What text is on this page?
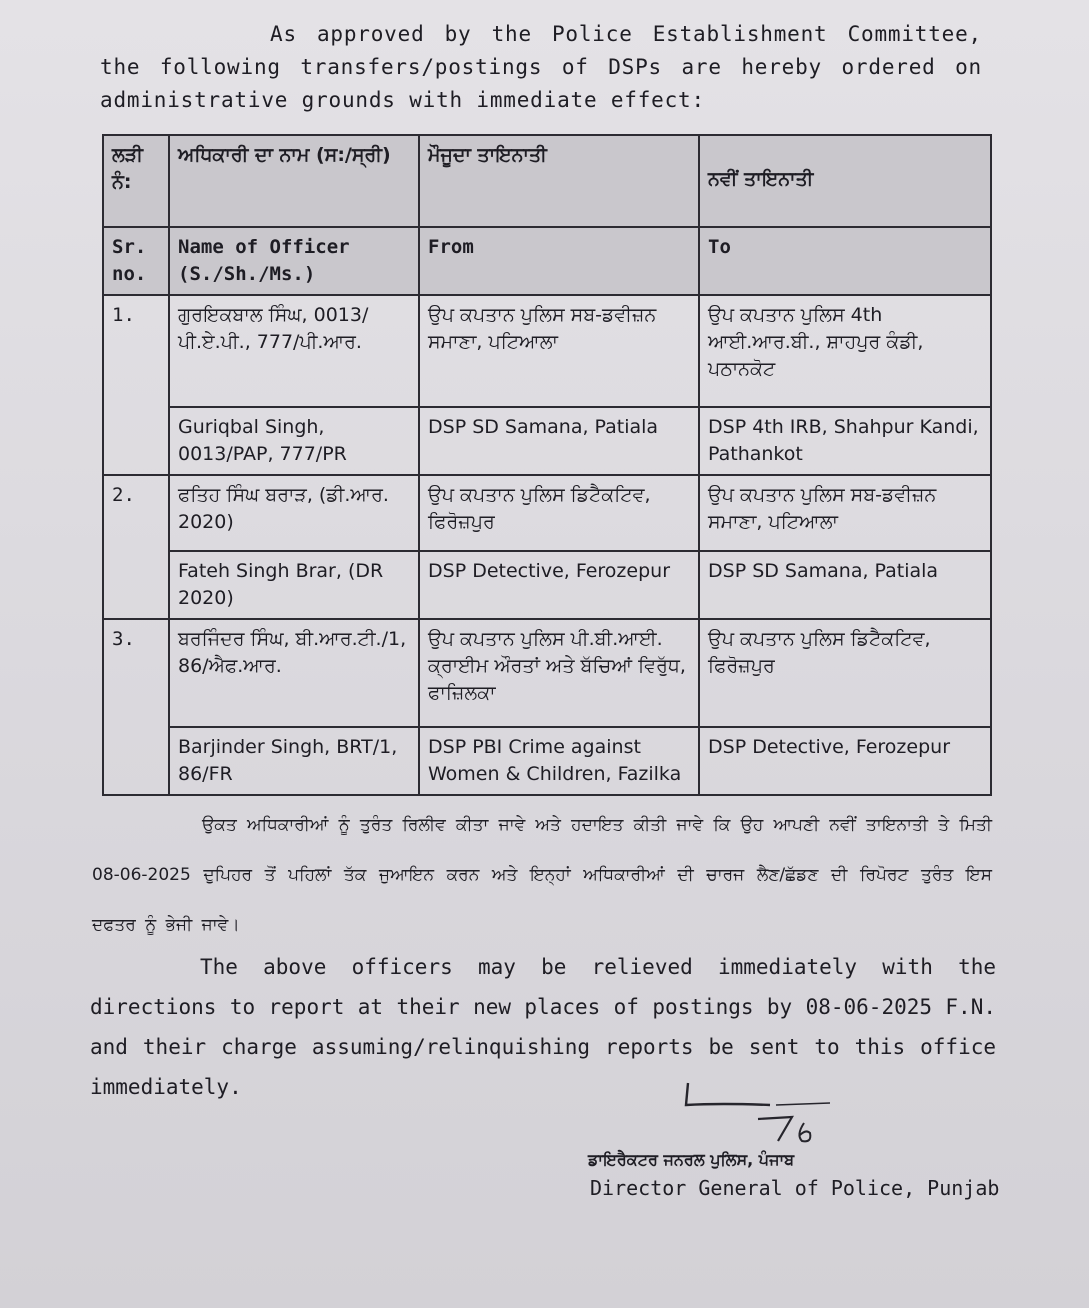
As approved by the Police Establishment Committee, the following transfers/postings of DSPs are hereby ordered on administrative grounds with immediate effect:

ਲੜੀ ਨੰ:	ਅਧਿਕਾਰੀ ਦਾ ਨਾਮ (ਸ:/ਸ੍ਰੀ)	ਮੌਜੂਦਾ ਤਾਇਨਾਤੀ	ਨਵੀਂ ਤਾਇਨਾਤੀ
Sr. no.	Name of Officer (S./Sh./Ms.)	From	To
1.	ਗੁਰਇਕਬਾਲ ਸਿੰਘ, 0013/ਪੀ.ਏ.ਪੀ., 777/ਪੀ.ਆਰ.	ਉਪ ਕਪਤਾਨ ਪੁਲਿਸ ਸਬ-ਡਵੀਜ਼ਨ ਸਮਾਣਾ, ਪਟਿਆਲਾ	ਉਪ ਕਪਤਾਨ ਪੁਲਿਸ 4th ਆਈ.ਆਰ.ਬੀ., ਸ਼ਾਹਪੁਰ ਕੰਡੀ, ਪਠਾਨਕੋਟ
	Guriqbal Singh, 0013/PAP, 777/PR	DSP SD Samana, Patiala	DSP 4th IRB, Shahpur Kandi, Pathankot
2.	ਫਤਿਹ ਸਿੰਘ ਬਰਾੜ, (ਡੀ.ਆਰ. 2020)	ਉਪ ਕਪਤਾਨ ਪੁਲਿਸ ਡਿਟੈਕਟਿਵ, ਫਿਰੋਜ਼ਪੁਰ	ਉਪ ਕਪਤਾਨ ਪੁਲਿਸ ਸਬ-ਡਵੀਜ਼ਨ ਸਮਾਣਾ, ਪਟਿਆਲਾ
	Fateh Singh Brar, (DR 2020)	DSP Detective, Ferozepur	DSP SD Samana, Patiala
3.	ਬਰਜਿੰਦਰ ਸਿੰਘ, ਬੀ.ਆਰ.ਟੀ./1, 86/ਐਫ.ਆਰ.	ਉਪ ਕਪਤਾਨ ਪੁਲਿਸ ਪੀ.ਬੀ.ਆਈ. ਕ੍ਰਾਈਮ ਔਰਤਾਂ ਅਤੇ ਬੱਚਿਆਂ ਵਿਰੁੱਧ, ਫਾਜ਼ਿਲਕਾ	ਉਪ ਕਪਤਾਨ ਪੁਲਿਸ ਡਿਟੈਕਟਿਵ, ਫਿਰੋਜ਼ਪੁਰ
	Barjinder Singh, BRT/1, 86/FR	DSP PBI Crime against Women & Children, Fazilka	DSP Detective, Ferozepur

ਉਕਤ ਅਧਿਕਾਰੀਆਂ ਨੂੰ ਤੁਰੰਤ ਰਿਲੀਵ ਕੀਤਾ ਜਾਵੇ ਅਤੇ ਹਦਾਇਤ ਕੀਤੀ ਜਾਵੇ ਕਿ ਉਹ ਆਪਣੀ ਨਵੀਂ ਤਾਇਨਾਤੀ ਤੇ ਮਿਤੀ 08-06-2025 ਦੁਪਿਹਰ ਤੋਂ ਪਹਿਲਾਂ ਤੱਕ ਜੁਆਇਨ ਕਰਨ ਅਤੇ ਇਨ੍ਹਾਂ ਅਧਿਕਾਰੀਆਂ ਦੀ ਚਾਰਜ ਲੈਣ/ਛੱਡਣ ਦੀ ਰਿਪੋਰਟ ਤੁਰੰਤ ਇਸ ਦਫਤਰ ਨੂੰ ਭੇਜੀ ਜਾਵੇ।

The above officers may be relieved immediately with the directions to report at their new places of postings by 08-06-2025 F.N. and their charge assuming/relinquishing reports be sent to this office immediately.

ਡਾਇਰੈਕਟਰ ਜਨਰਲ ਪੁਲਿਸ, ਪੰਜਾਬ
Director General of Police, Punjab
